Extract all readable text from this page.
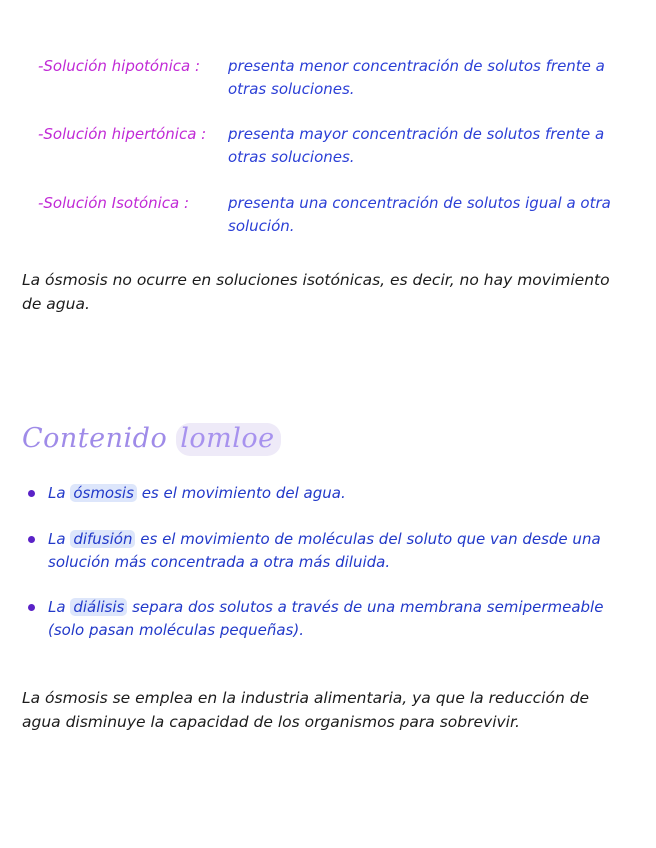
-Solución hipotónica :	presenta menor concentración de solutos frente a otras soluciones.
-Solución hipertónica :	presenta mayor concentración de solutos frente a otras soluciones.
-Solución Isotónica :	presenta una concentración de solutos igual a otra solución.

La ósmosis no ocurre en soluciones isotónicas, es decir, no hay movimiento de agua.

Contenido lomloe
La ósmosis es el movimiento del agua.
La difusión es el movimiento de moléculas del soluto que van desde una solución más concentrada a otra más diluida.
La diálisis separa dos solutos a través de una membrana semipermeable (solo pasan moléculas pequeñas).

La ósmosis se emplea en la industria alimentaria, ya que la reducción de agua disminuye la capacidad de los organismos para sobrevivir.
